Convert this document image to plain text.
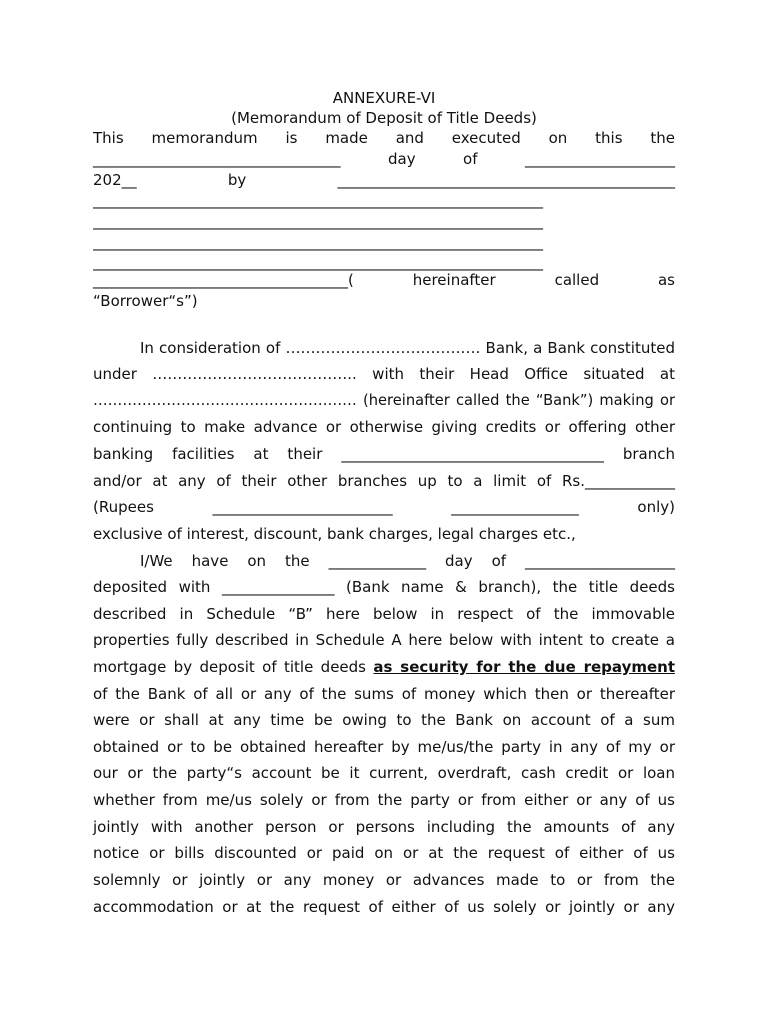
ANNEXURE-VI
(Memorandum of Deposit of Title Deeds)
This memorandum is made and executed on this the
_________________________________ day of ____________________
202__ by _____________________________________________
____________________________________________________________
____________________________________________________________
____________________________________________________________
____________________________________________________________
__________________________________( hereinafter called as
“Borrower“s”)
In consideration of ………………………………… Bank, a Bank constituted
under ………………………………….. with their Head Office situated at
……………………………………………… (hereinafter called the “Bank”) making or
continuing to make advance or otherwise giving credits or offering other
banking facilities at their ___________________________________ branch
and/or at any of their other branches up to a limit of Rs.____________
(Rupees ________________________ _________________ only)
exclusive of interest, discount, bank charges, legal charges etc.,
I/We have on the _____________ day of ____________________
deposited with _______________ (Bank name & branch), the title deeds
described in Schedule “B” here below in respect of the immovable
properties fully described in Schedule A here below with intent to create a
mortgage by deposit of title deeds as security for the due repayment
of the Bank of all or any of the sums of money which then or thereafter
were or shall at any time be owing to the Bank on account of a sum
obtained or to be obtained hereafter by me/us/the party in any of my or
our or the party“s account be it current, overdraft, cash credit or loan
whether from me/us solely or from the party or from either or any of us
jointly with another person or persons including the amounts of any
notice or bills discounted or paid on or at the request of either of us
solemnly or jointly or any money or advances made to or from the
accommodation or at the request of either of us solely or jointly or any
